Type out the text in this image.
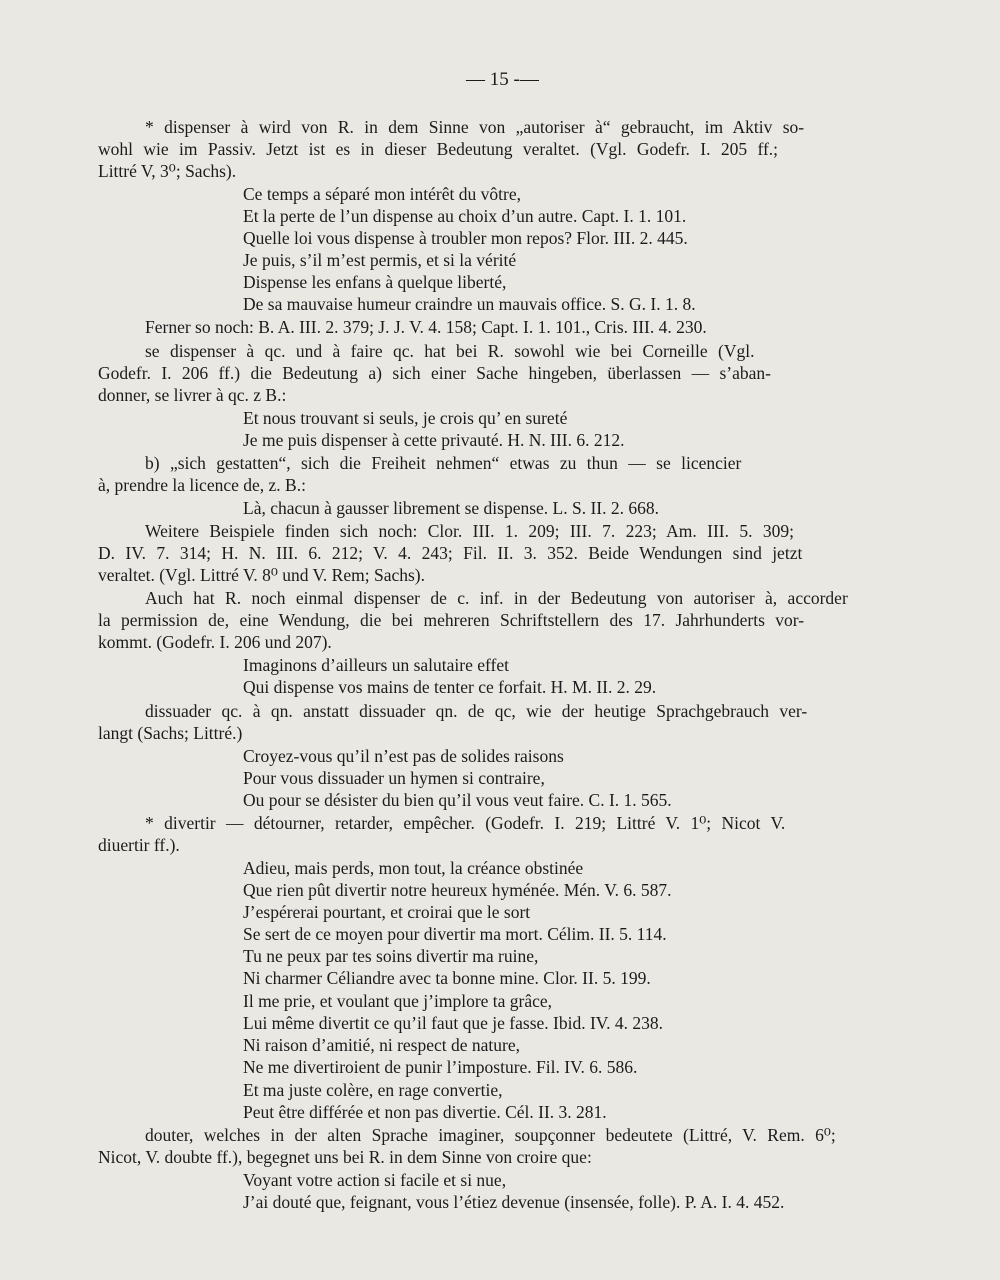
— 15 -—
* dispenser à wird von R. in dem Sinne von „autoriser à“ gebraucht, im Aktiv so-
wohl wie im Passiv. Jetzt ist es in dieser Bedeutung veraltet. (Vgl. Godefr. I. 205 ff.;
Littré V, 3⁰; Sachs).
Ce temps a séparé mon intérêt du vôtre,
Et la perte de l’un dispense au choix d’un autre. Capt. I. 1. 101.
Quelle loi vous dispense à troubler mon repos? Flor. III. 2. 445.
Je puis, s’il m’est permis, et si la vérité
Dispense les enfans à quelque liberté,
De sa mauvaise humeur craindre un mauvais office. S. G. I. 1. 8.
Ferner so noch: B. A. III. 2. 379; J. J. V. 4. 158; Capt. I. 1. 101., Cris. III. 4. 230.
se dispenser à qc. und à faire qc. hat bei R. sowohl wie bei Corneille (Vgl.
Godefr. I. 206 ff.) die Bedeutung a) sich einer Sache hingeben, überlassen — s’aban-
donner, se livrer à qc. z B.:
Et nous trouvant si seuls, je crois qu’ en sureté
Je me puis dispenser à cette privauté. H. N. III. 6. 212.
b) „sich gestatten“, sich die Freiheit nehmen“ etwas zu thun — se licencier
à, prendre la licence de, z. B.:
Là, chacun à gausser librement se dispense. L. S. II. 2. 668.
Weitere Beispiele finden sich noch: Clor. III. 1. 209; III. 7. 223; Am. III. 5. 309;
D. IV. 7. 314; H. N. III. 6. 212; V. 4. 243; Fil. II. 3. 352. Beide Wendungen sind jetzt
veraltet. (Vgl. Littré V. 8⁰ und V. Rem; Sachs).
Auch hat R. noch einmal dispenser de c. inf. in der Bedeutung von autoriser à, accorder
la permission de, eine Wendung, die bei mehreren Schriftstellern des 17. Jahrhunderts vor-
kommt. (Godefr. I. 206 und 207).
Imaginons d’ailleurs un salutaire effet
Qui dispense vos mains de tenter ce forfait. H. M. II. 2. 29.
dissuader qc. à qn. anstatt dissuader qn. de qc, wie der heutige Sprachgebrauch ver-
langt (Sachs; Littré.)
Croyez-vous qu’il n’est pas de solides raisons
Pour vous dissuader un hymen si contraire,
Ou pour se désister du bien qu’il vous veut faire. C. I. 1. 565.
* divertir — détourner, retarder, empêcher. (Godefr. I. 219; Littré V. 1⁰; Nicot V.
diuertir ff.).
Adieu, mais perds, mon tout, la créance obstinée
Que rien pût divertir notre heureux hyménée. Mén. V. 6. 587.
J’espérerai pourtant, et croirai que le sort
Se sert de ce moyen pour divertir ma mort. Célim. II. 5. 114.
Tu ne peux par tes soins divertir ma ruine,
Ni charmer Céliandre avec ta bonne mine. Clor. II. 5. 199.
Il me prie, et voulant que j’implore ta grâce,
Lui même divertit ce qu’il faut que je fasse. Ibid. IV. 4. 238.
Ni raison d’amitié, ni respect de nature,
Ne me divertiroient de punir l’imposture. Fil. IV. 6. 586.
Et ma juste colère, en rage convertie,
Peut être différée et non pas divertie. Cél. II. 3. 281.
douter, welches in der alten Sprache imaginer, soupçonner bedeutete (Littré, V. Rem. 6⁰;
Nicot, V. doubte ff.), begegnet uns bei R. in dem Sinne von croire que:
Voyant votre action si facile et si nue,
J’ai douté que, feignant, vous l’étiez devenue (insensée, folle). P. A. I. 4. 452.
